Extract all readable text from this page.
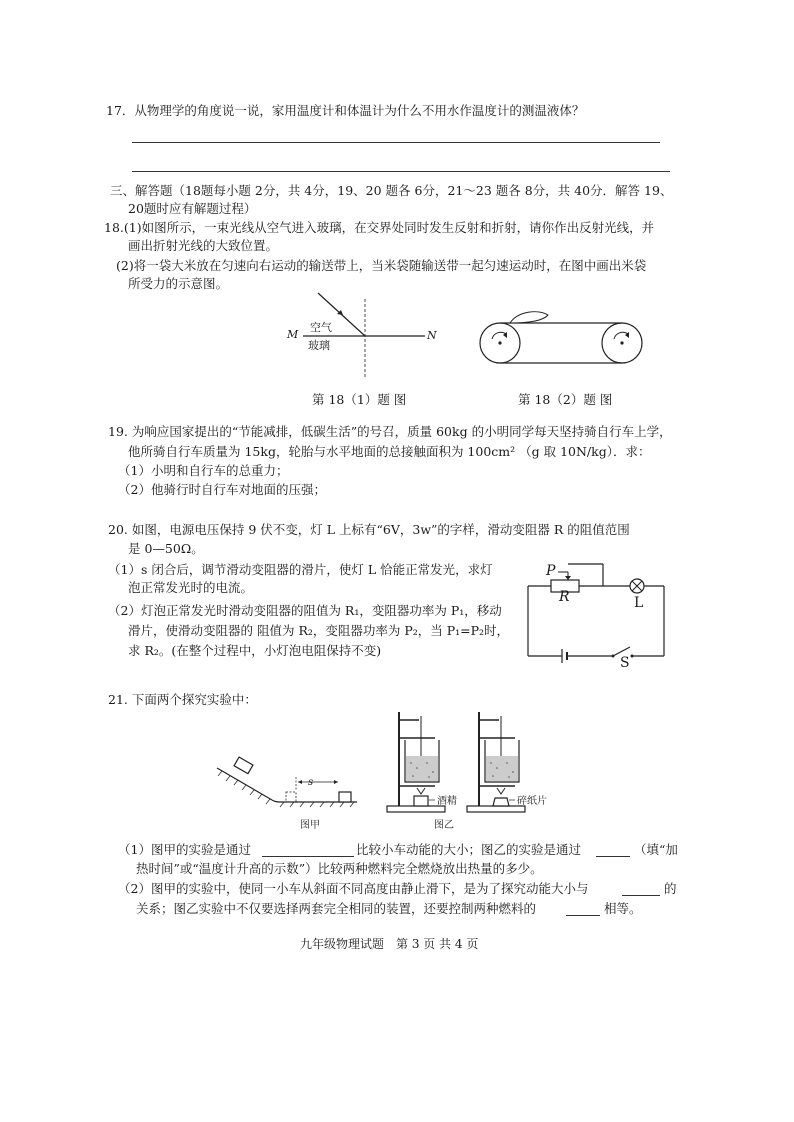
17．从物理学的角度说一说，家用温度计和体温计为什么不用水作温度计的测温液体？
三、解答题（18题每小题 2分，共 4分，19、20 题各 6分，21～23 题各 8分，共 40分．解答 19、
20题时应有解题过程）
18.(1)如图所示，一束光线从空气进入玻璃，在交界处同时发生反射和折射，请你作出反射光线，并
画出折射光线的大致位置。
(2)将一袋大米放在匀速向右运动的输送带上，当米袋随输送带一起匀速运动时，在图中画出米袋
所受力的示意图。
M	N
空气
玻璃
第 18（1）题 图	第 18（2）题 图
19. 为响应国家提出的“节能减排，低碳生活”的号召，质量 60kg 的小明同学每天坚持骑自行车上学，
他所骑自行车质量为 15kg，轮胎与水平地面的总接触面积为 100cm² （g 取 10N/kg）．求：
（1）小明和自行车的总重力；
（2）他骑行时自行车对地面的压强；
20. 如图，电源电压保持 9 伏不变，灯 L 上标有“6V，3w”的字样，滑动变阻器 R 的阻值范围
是 0—50Ω。
（1）s 闭合后，调节滑动变阻器的滑片，使灯 L 恰能正常发光，求灯
泡正常发光时的电流。
（2）灯泡正常发光时滑动变阻器的阻值为 R₁，变阻器功率为 P₁，移动
滑片，使滑动变阻器的 阻值为 R₂，变阻器功率为 P₂，当 P₁=P₂时，
求 R₂。(在整个过程中，小灯泡电阻保持不变)
P
R	L
S
21. 下面两个探究实验中：
s
图甲
酒精	碎纸片
图乙
（1）图甲的实验是通过	比较小车动能的大小；图乙的实验是通过	（填“加
热时间”或“温度计升高的示数”）比较两种燃料完全燃烧放出热量的多少。
（2）图甲的实验中，使同一小车从斜面不同高度由静止滑下，是为了探究动能大小与	的
关系；图乙实验中不仅要选择两套完全相同的装置，还要控制两种燃料的	相等。
九年级物理试题　第 3 页 共 4 页
